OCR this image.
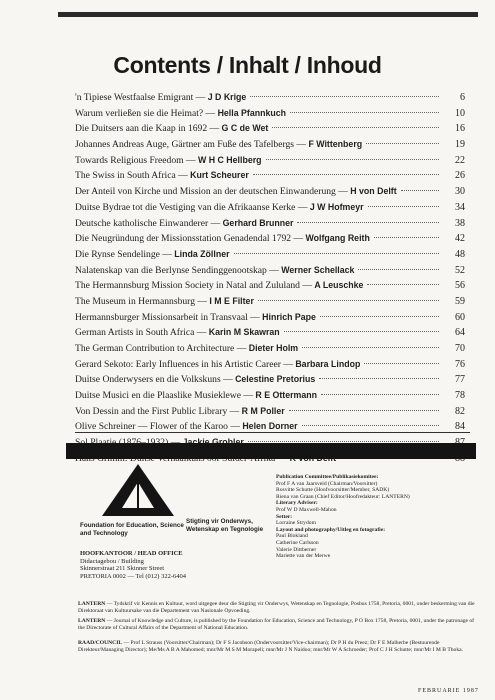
Contents / Inhalt / Inhoud
'n Tipiese Westfaalse Emigrant — J D Krige	6
Warum verließen sie die Heimat? — Hella Pfannkuch	10
Die Duitsers aan die Kaap in 1692 — G C de Wet	16
Johannes Andreas Auge, Gärtner am Fuße des Tafelbergs — F Wittenberg	19
Towards Religious Freedom — W H C Hellberg	22
The Swiss in South Africa — Kurt Scheurer	26
Der Anteil von Kirche und Mission an der deutschen Einwanderung — H von Delft	30
Duitse Bydrae tot die Vestiging van die Afrikaanse Kerke — J W Hofmeyr	34
Deutsche katholische Einwanderer — Gerhard Brunner	38
Die Neugründung der Missionsstation Genadendal 1792 — Wolfgang Reith	42
Die Rynse Sendelinge — Linda Zöllner	48
Nalatenskap van die Berlynse Sendinggenootskap — Werner Schellack	52
The Hermannsburg Mission Society in Natal and Zululand — A Leuschke	56
The Museum in Hermannsburg — I M E Filter	59
Hermannsburger Missionsarbeit in Transvaal — Hinrich Pape	60
German Artists in South Africa — Karin M Skawran	64
The German Contribution to Architecture — Dieter Holm	70
Gerard Sekoto: Early Influences in his Artistic Career — Barbara Lindop	76
Duitse Onderwysers en die Volkskuns — Celestine Pretorius	77
Duitse Musici en die Plaaslike Musieklewe — R E Ottermann	78
Von Dessin and the First Public Library — R M Poller	82
Olive Schreiner — Flower of the Karoo — Helen Dorner	84
Foundation for Education, Science and Technology
Stigting vir Onderwys, Wetenskap en Tegnologie
HOOFKANTOOR / HEAD OFFICE
Didactagebou / Building
Skinnerstraat 211 Skinner Street
PRETORIA 0002 — Tel (012) 322-6404
Publication Committee/Publikasiekomitee:
Prof F A van Jaarsveld (Chairman/Voorsitter)
Rosvitte Schutte (Hoofvoorsitter/Member, SADK)
Riena van Graan (Chief Editor/Hoofredakteur: LANTERN)
Literary Adviser:
Prof W D Maxwell-Mahon
Setter:
Lorraine Strydom
Layout and photography/Uitleg en fotografie:
Paul Blokland
Catherine Carlsson
Valerie Dittberner
Mariette van der Merwe
LANTERN — Tydskrif vir Kennis en Kultuur, word uitgegee deur die Stigting vir Onderwys, Wetenskap en Tegnologie, Posbus 1758, Pretoria, 0001, onder beskerming van die Direktoraat van Kultuursake van die Departement van Nasionale Opvoeding.
LANTERN — Journal of Knowledge and Culture, is published by the Foundation for Education, Science and Technology, P O Box 1758, Pretoria, 0001, under the patronage of the Directorate of Cultural Affairs of the Department of National Education.
RAAD/COUNCIL — Prof L Strauss (Voorsitter/Chairman); Dr F S Jacobson (Ondervoorsitter/Vice-chairman); Dr P H du Preez; Dr F E Malherbe (Bestuurende Direkteur/Managing Director); Me/Ms A B A Mahomed; mnr/Mr M S M Morapeli; mnr/Mr J N Naidoo; mnr/Mr W A Schroeder; Prof C J H Schutte; mnr/Mr I M B Thoka.
FEBRUARIE 1987
